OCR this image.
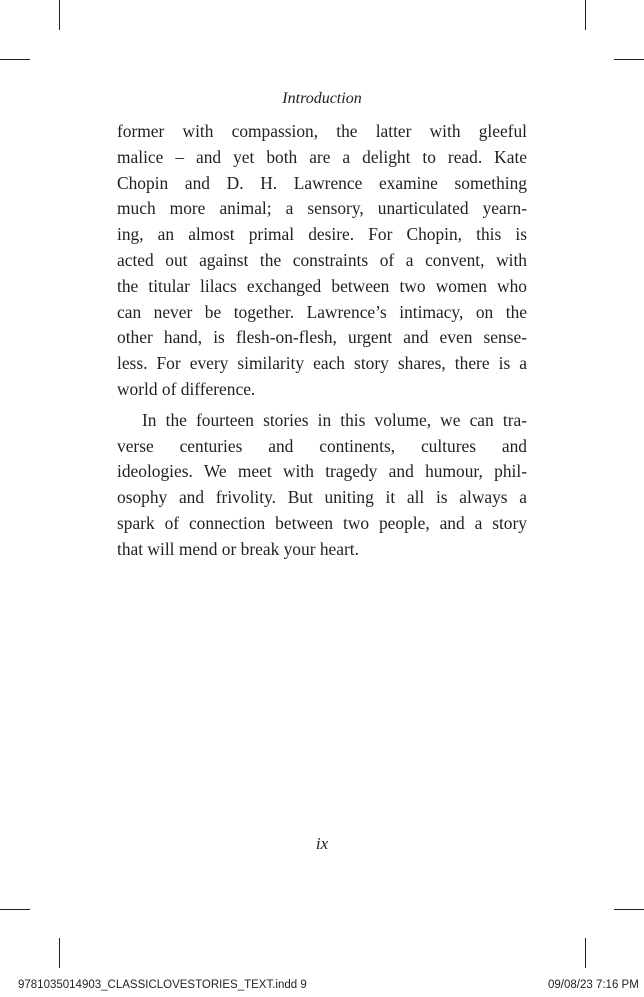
Introduction
former with compassion, the latter with gleeful
malice – and yet both are a delight to read. Kate
Chopin and D. H. Lawrence examine something
much more animal; a sensory, unarticulated yearn-
ing, an almost primal desire. For Chopin, this is
acted out against the constraints of a convent, with
the titular lilacs exchanged between two women who
can never be together. Lawrence’s intimacy, on the
other hand, is flesh-on-flesh, urgent and even sense-
less. For every similarity each story shares, there is a
world of difference.
In the fourteen stories in this volume, we can tra-
verse centuries and continents, cultures and
ideologies. We meet with tragedy and humour, phil-
osophy and frivolity. But uniting it all is always a
spark of connection between two people, and a story
that will mend or break your heart.
ix
9781035014903_CLASSICLOVESTORIES_TEXT.indd 9	09/08/23 7:16 PM
